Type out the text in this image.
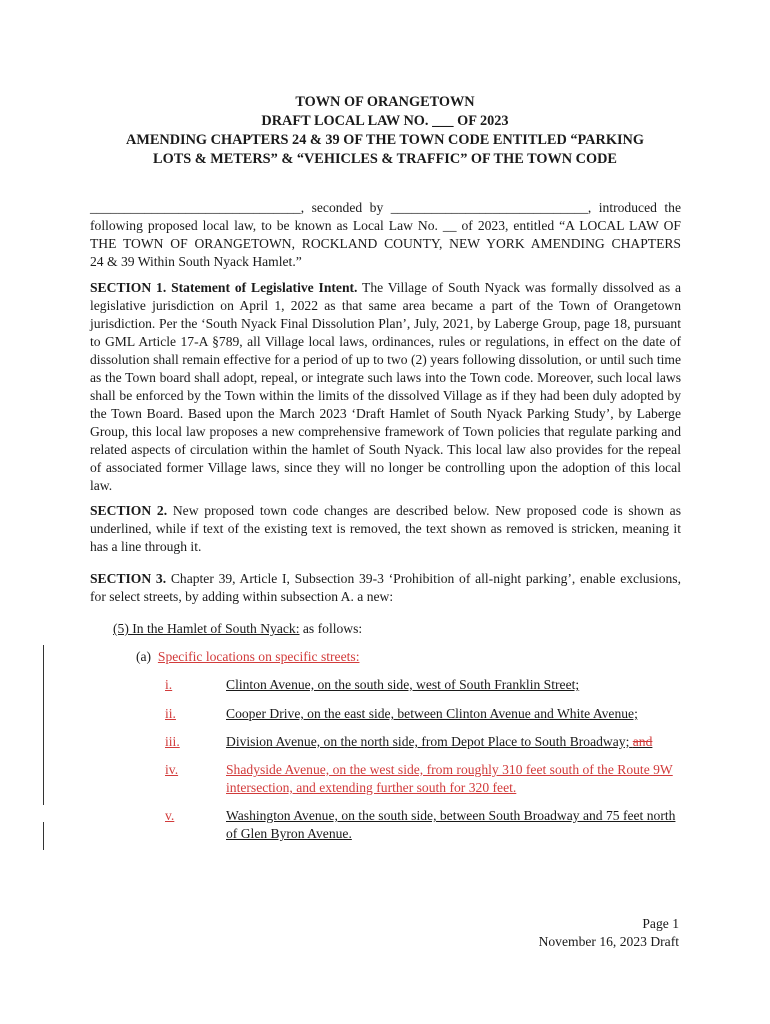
TOWN OF ORANGETOWN
DRAFT LOCAL LAW NO. ___ OF 2023
AMENDING CHAPTERS 24 & 39 OF THE TOWN CODE ENTITLED “PARKING
LOTS & METERS” & “VEHICLES & TRAFFIC” OF THE TOWN CODE
_______________________________, seconded by _____________________________, introduced the
following proposed local law, to be known as Local Law No. __ of 2023, entitled “A LOCAL LAW OF
THE TOWN OF ORANGETOWN, ROCKLAND COUNTY, NEW YORK AMENDING CHAPTERS
24 & 39 Within South Nyack Hamlet.”
SECTION 1. Statement of Legislative Intent. The Village of South Nyack was formally dissolved as a legislative jurisdiction on April 1, 2022 as that same area became a part of the Town of Orangetown jurisdiction. Per the ‘South Nyack Final Dissolution Plan’, July, 2021, by Laberge Group, page 18, pursuant to GML Article 17-A §789, all Village local laws, ordinances, rules or regulations, in effect on the date of dissolution shall remain effective for a period of up to two (2) years following dissolution, or until such time as the Town board shall adopt, repeal, or integrate such laws into the Town code. Moreover, such local laws shall be enforced by the Town within the limits of the dissolved Village as if they had been duly adopted by the Town Board. Based upon the March 2023 ‘Draft Hamlet of South Nyack Parking Study’, by Laberge Group, this local law proposes a new comprehensive framework of Town policies that regulate parking and related aspects of circulation within the hamlet of South Nyack. This local law also provides for the repeal of associated former Village laws, since they will no longer be controlling upon the adoption of this local law.
SECTION 2. New proposed town code changes are described below. New proposed code is shown as underlined, while if text of the existing text is removed, the text shown as removed is stricken, meaning it has a line through it.
SECTION 3. Chapter 39, Article I, Subsection 39-3 ‘Prohibition of all-night parking’, enable exclusions, for select streets, by adding within subsection A. a new:
(5) In the Hamlet of South Nyack: as follows:
(a) Specific locations on specific streets:
i.	Clinton Avenue, on the south side, west of South Franklin Street;
ii.	Cooper Drive, on the east side, between Clinton Avenue and White Avenue;
iii.	Division Avenue, on the north side, from Depot Place to South Broadway; and
iv.	Shadyside Avenue, on the west side, from roughly 310 feet south of the Route 9W
intersection, and extending further south for 320 feet.
v.	Washington Avenue, on the south side, between South Broadway and 75 feet north
of Glen Byron Avenue.
Page 1
November 16, 2023 Draft
